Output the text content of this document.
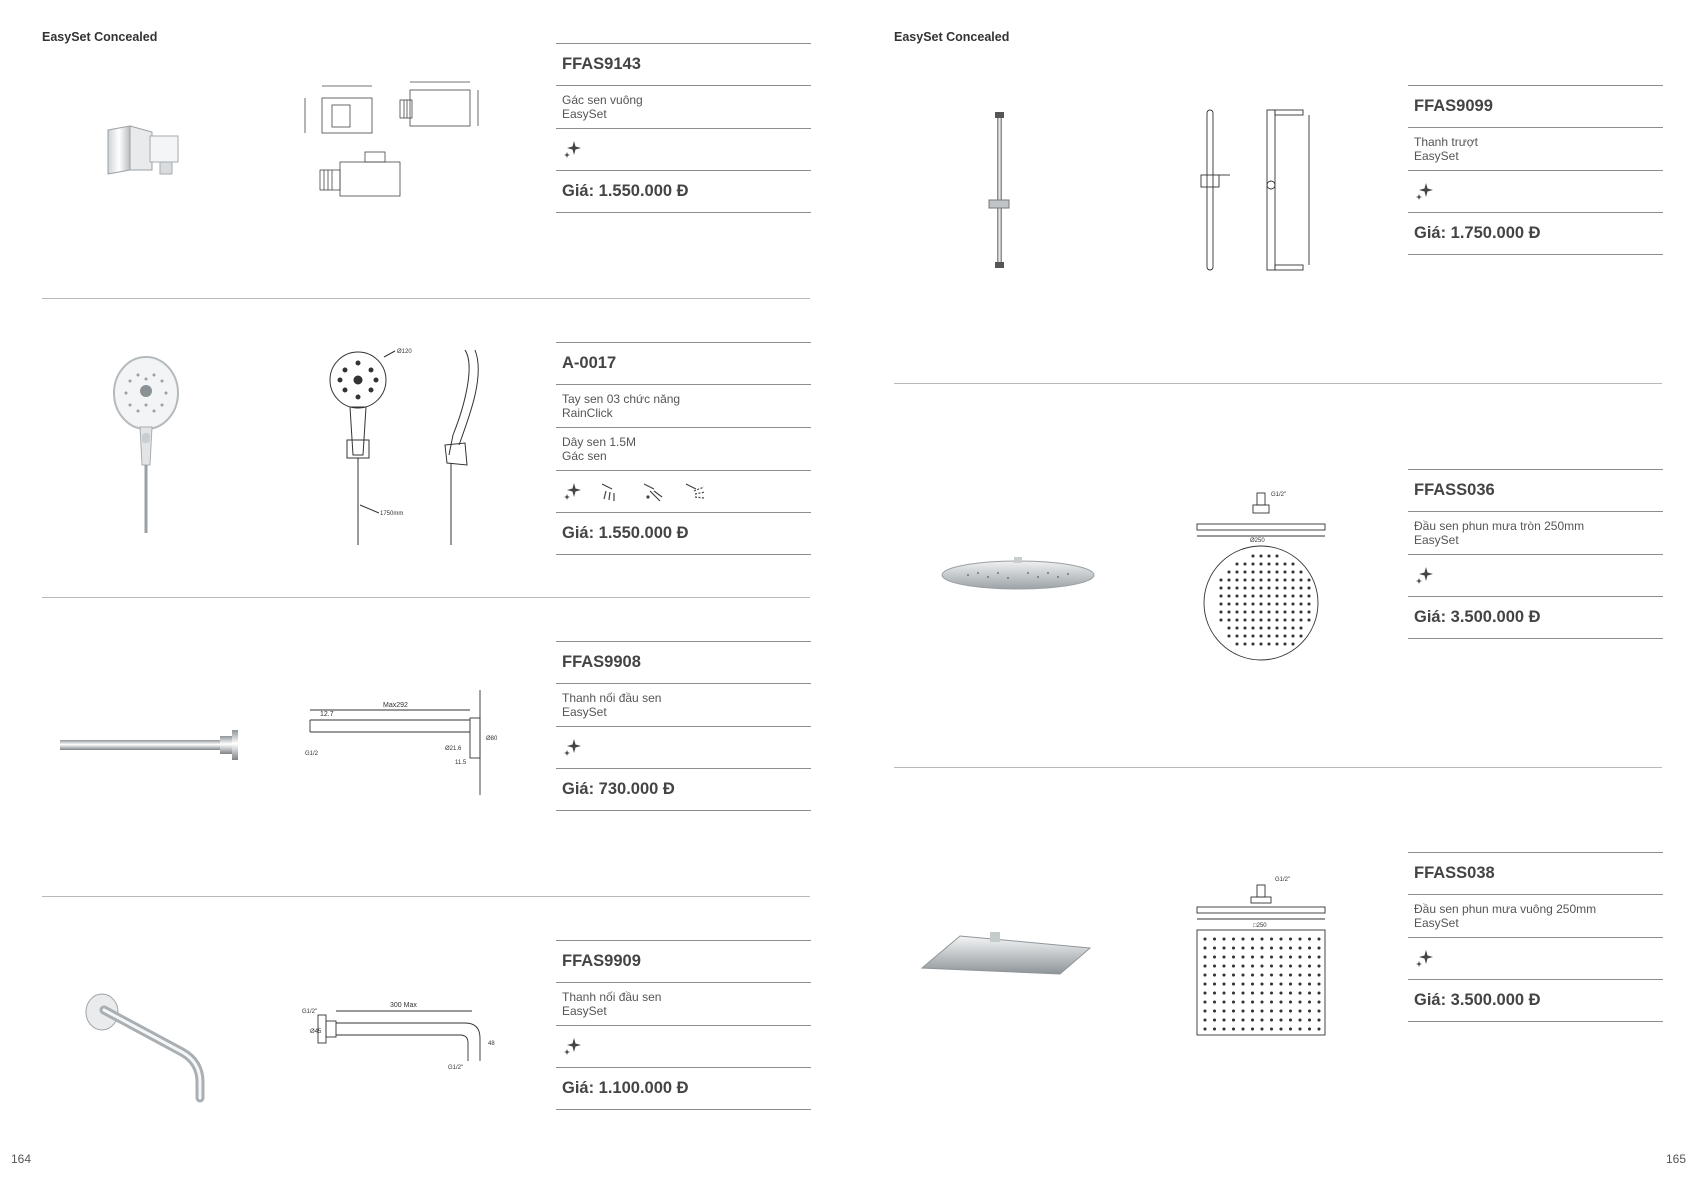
EasySet Concealed
FFAS9143
Gác sen vuông
EasySet
Giá: 1.550.000 Đ
Ø120
1750mm
A-0017
Tay sen 03 chức năng
RainClick
Dây sen 1.5M
Gác sen
Giá: 1.550.000 Đ
Max292
12.7
G1/2
Ø80
Ø21.6
11.5
FFAS9908
Thanh nối đầu sen
EasySet
Giá: 730.000 Đ
300 Max
G1/2"
Ø45
48
G1/2"
FFAS9909
Thanh nối đầu sen
EasySet
Giá: 1.100.000 Đ
164
EasySet Concealed
FFAS9099
Thanh trượt
EasySet
Giá: 1.750.000 Đ
Ø250
G1/2"	FFASS036
Đầu sen phun mưa tròn 250mm
EasySet
Giá: 3.500.000 Đ
□250
G1/2"	FFASS038
Đầu sen phun mưa vuông 250mm
EasySet
Giá: 3.500.000 Đ
165
